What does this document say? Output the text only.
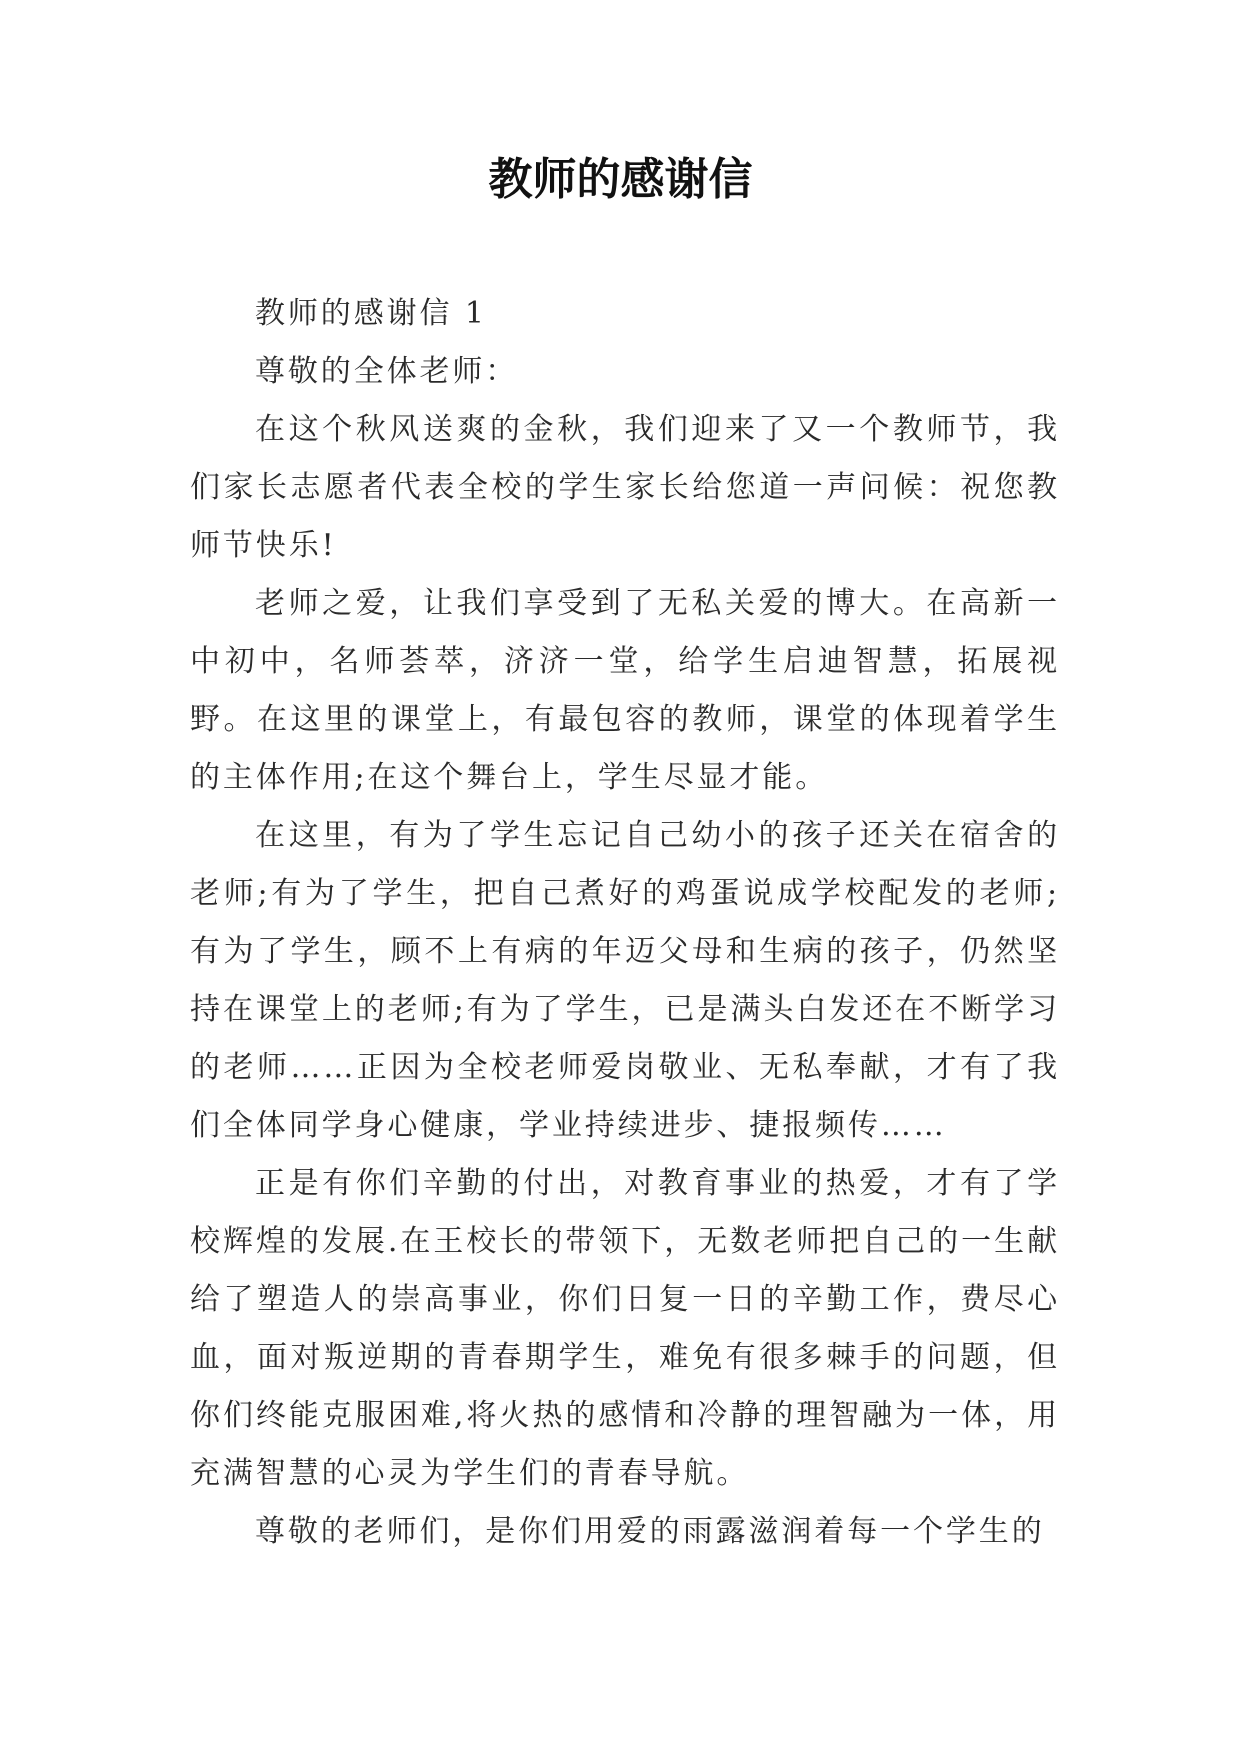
教师的感谢信

教师的感谢信 1

尊敬的全体老师：

在这个秋风送爽的金秋，我们迎来了又一个教师节，我们家长志愿者代表全校的学生家长给您道一声问候：祝您教师节快乐!

老师之爱，让我们享受到了无私关爱的博大。在高新一中初中，名师荟萃，济济一堂，给学生启迪智慧，拓展视野。在这里的课堂上，有最包容的教师，课堂的体现着学生的主体作用;在这个舞台上，学生尽显才能。

在这里，有为了学生忘记自己幼小的孩子还关在宿舍的老师;有为了学生，把自己煮好的鸡蛋说成学校配发的老师;有为了学生，顾不上有病的年迈父母和生病的孩子，仍然坚持在课堂上的老师;有为了学生，已是满头白发还在不断学习的老师……正因为全校老师爱岗敬业、无私奉献，才有了我们全体同学身心健康，学业持续进步、捷报频传……

正是有你们辛勤的付出，对教育事业的热爱，才有了学校辉煌的发展.在王校长的带领下，无数老师把自己的一生献给了塑造人的崇高事业，你们日复一日的辛勤工作，费尽心血，面对叛逆期的青春期学生，难免有很多棘手的问题，但你们终能克服困难,将火热的感情和冷静的理智融为一体，用充满智慧的心灵为学生们的青春导航。

尊敬的老师们，是你们用爱的雨露滋润着每一个学生的
